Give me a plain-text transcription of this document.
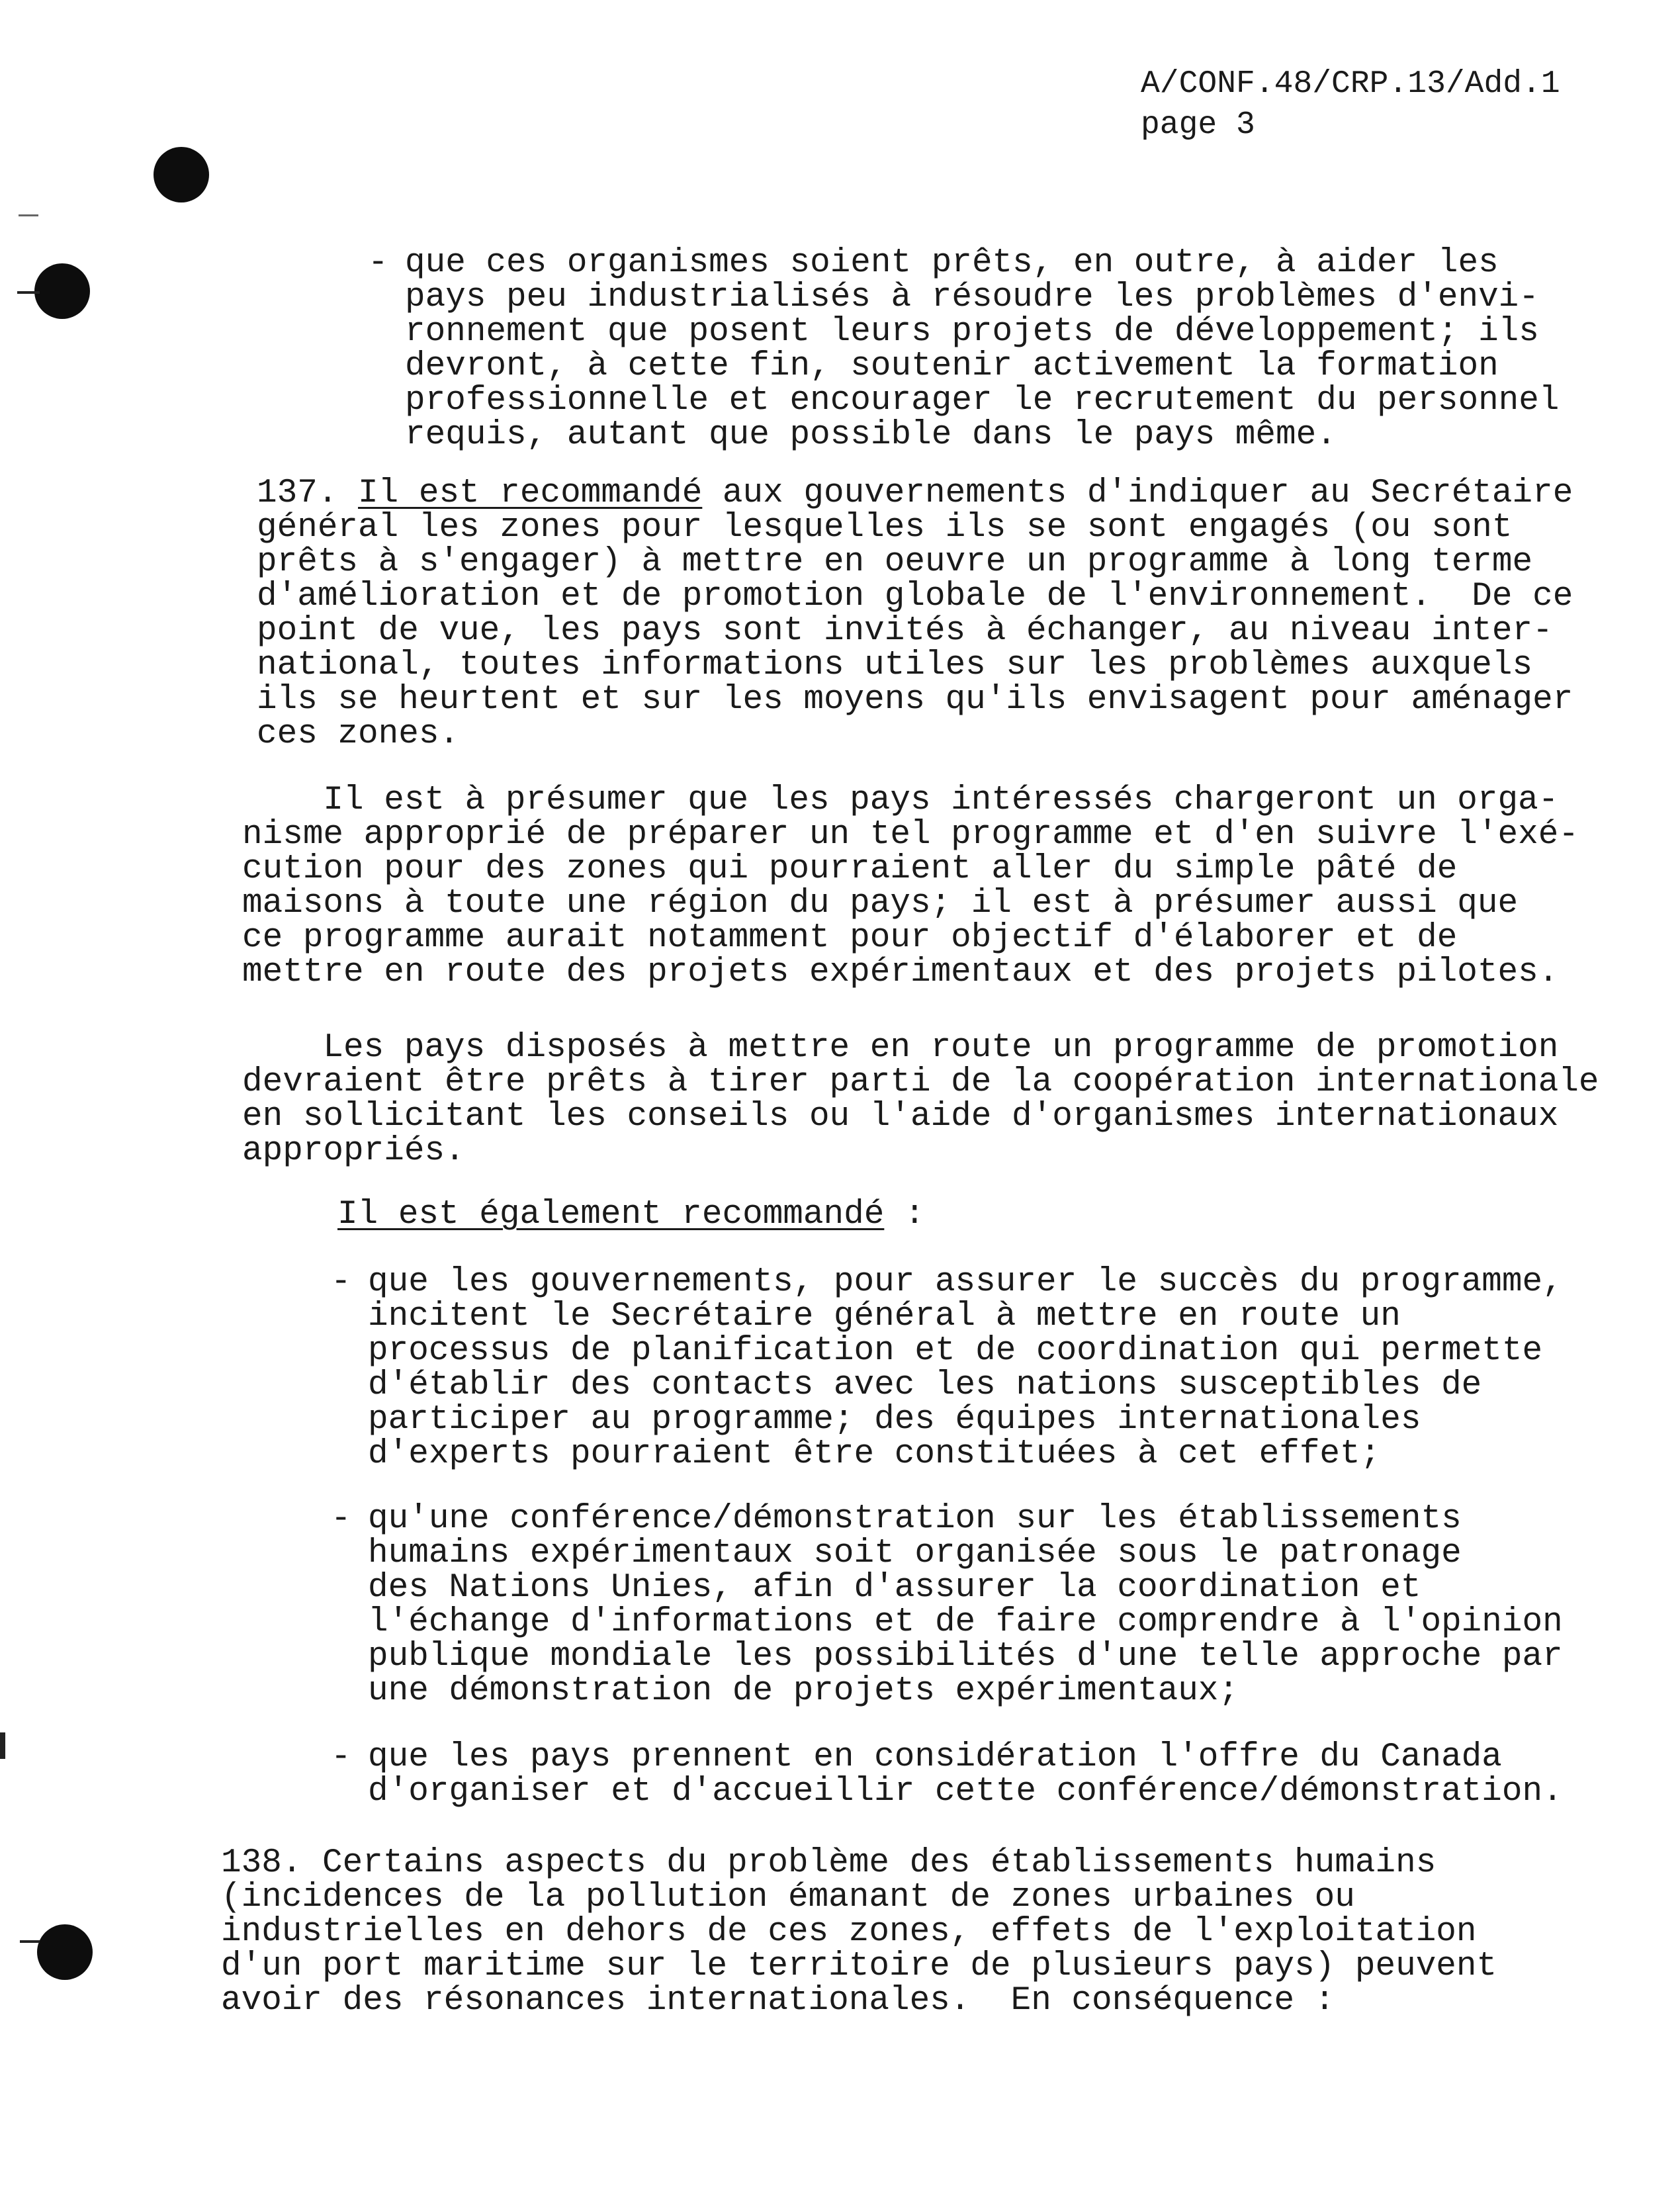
A/CONF.48/CRP.13/Add.1
page 3
- que ces organismes soient prêts, en outre, à aider les
pays peu industrialisés à résoudre les problèmes d'envi-
ronnement que posent leurs projets de développement; ils
devront, à cette fin, soutenir activement la formation
professionnelle et encourager le recrutement du personnel
requis, autant que possible dans le pays même.
137. Il est recommandé aux gouvernements d'indiquer au Secrétaire
général les zones pour lesquelles ils se sont engagés (ou sont
prêts à s'engager) à mettre en oeuvre un programme à long terme
d'amélioration et de promotion globale de l'environnement.  De ce
point de vue, les pays sont invités à échanger, au niveau inter-
national, toutes informations utiles sur les problèmes auxquels
ils se heurtent et sur les moyens qu'ils envisagent pour aménager
ces zones.
Il est à présumer que les pays intéressés chargeront un orga-
nisme approprié de préparer un tel programme et d'en suivre l'exé-
cution pour des zones qui pourraient aller du simple pâté de
maisons à toute une région du pays; il est à présumer aussi que
ce programme aurait notamment pour objectif d'élaborer et de
mettre en route des projets expérimentaux et des projets pilotes.
Les pays disposés à mettre en route un programme de promotion
devraient être prêts à tirer parti de la coopération internationale
en sollicitant les conseils ou l'aide d'organismes internationaux
appropriés.
Il est également recommandé :
- que les gouvernements, pour assurer le succès du programme,
incitent le Secrétaire général à mettre en route un
processus de planification et de coordination qui permette
d'établir des contacts avec les nations susceptibles de
participer au programme; des équipes internationales
d'experts pourraient être constituées à cet effet;
- qu'une conférence/démonstration sur les établissements
humains expérimentaux soit organisée sous le patronage
des Nations Unies, afin d'assurer la coordination et
l'échange d'informations et de faire comprendre à l'opinion
publique mondiale les possibilités d'une telle approche par
une démonstration de projets expérimentaux;
- que les pays prennent en considération l'offre du Canada
d'organiser et d'accueillir cette conférence/démonstration.
138. Certains aspects du problème des établissements humains
(incidences de la pollution émanant de zones urbaines ou
industrielles en dehors de ces zones, effets de l'exploitation
d'un port maritime sur le territoire de plusieurs pays) peuvent
avoir des résonances internationales.  En conséquence :
